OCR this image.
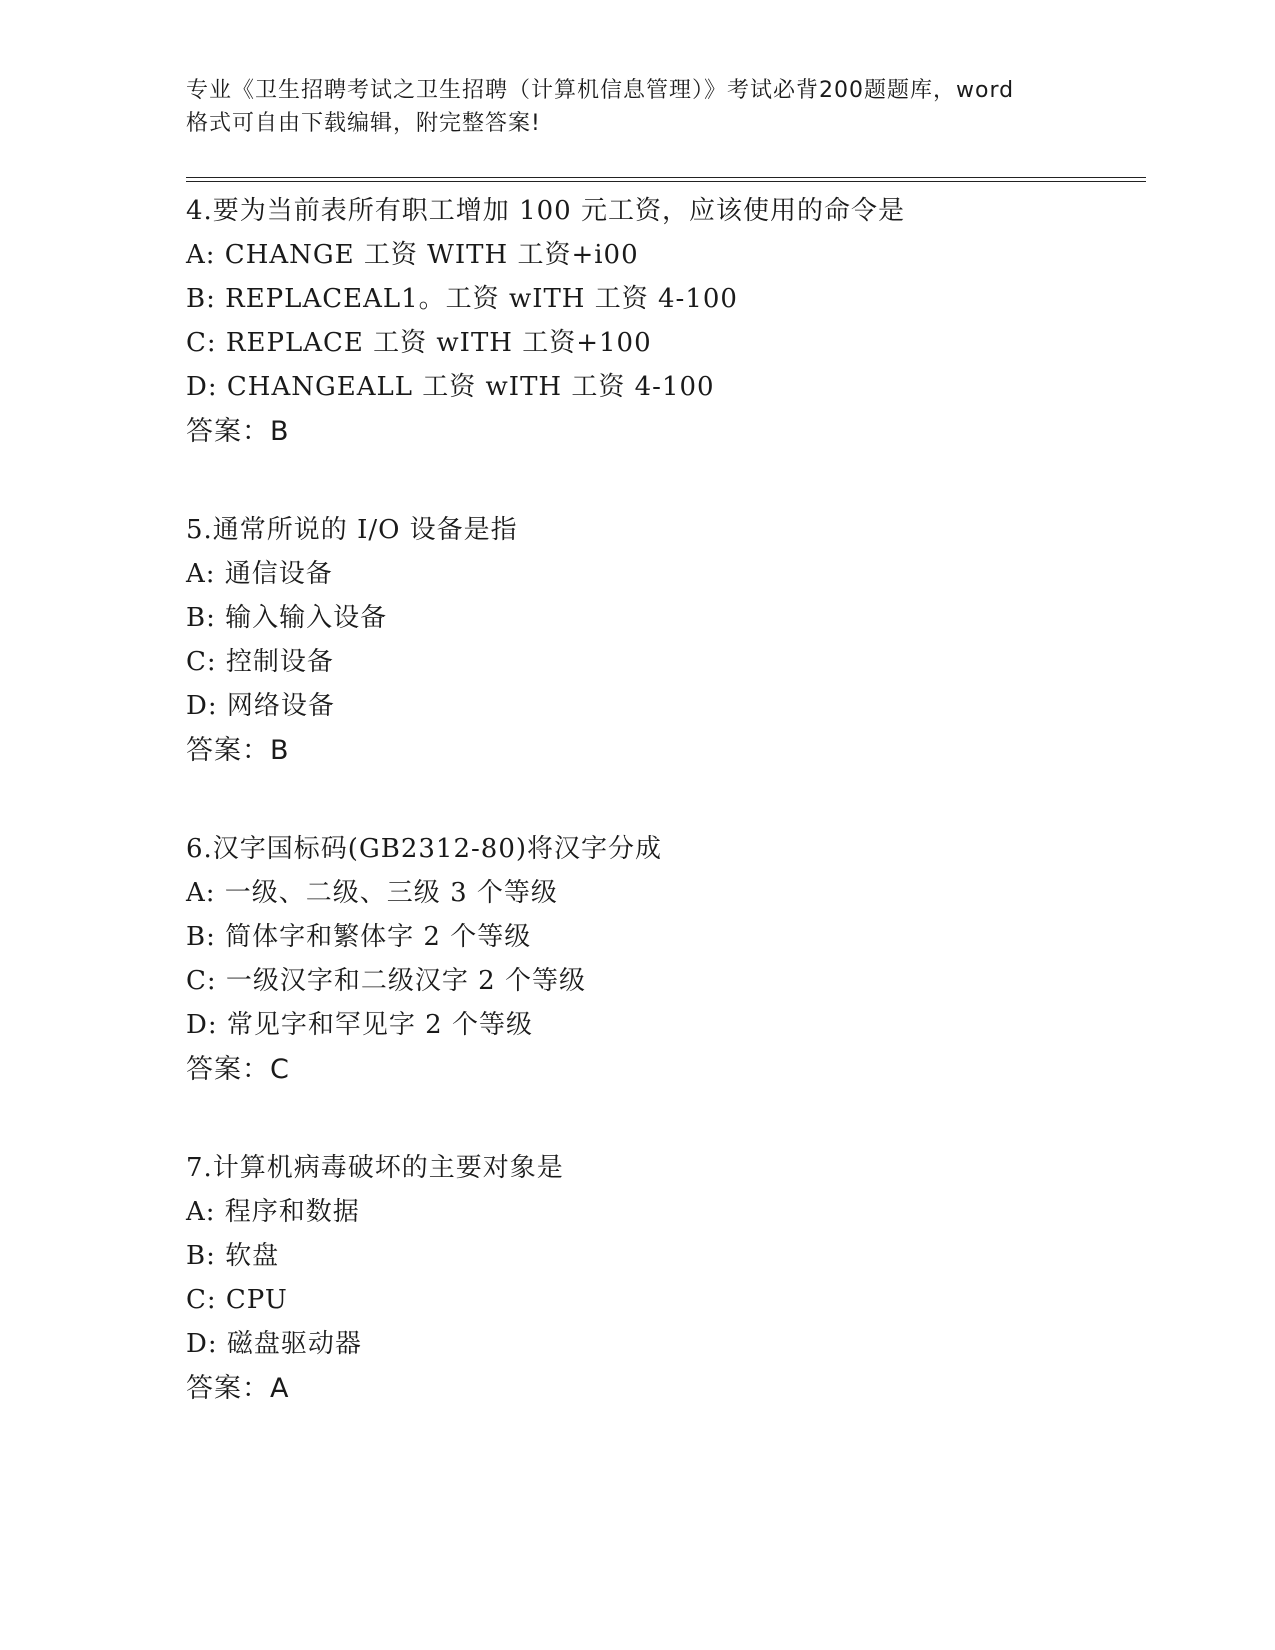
专业《卫生招聘考试之卫生招聘（计算机信息管理）》考试必背200题题库，word
格式可自由下载编辑，附完整答案!
4.要为当前表所有职工增加 100 元工资，应该使用的命令是
A: CHANGE 工资 WITH 工资+i00
B: REPLACEAL1。工资 wITH 工资 4-100
C: REPLACE 工资 wITH 工资+100
D: CHANGEALL 工资 wITH 工资 4-100
答案：B
5.通常所说的 I/O 设备是指
A: 通信设备
B: 输入输入设备
C: 控制设备
D: 网络设备
答案：B
6.汉字国标码(GB2312-80)将汉字分成
A: 一级、二级、三级 3 个等级
B: 简体字和繁体字 2 个等级
C: 一级汉字和二级汉字 2 个等级
D: 常见字和罕见字 2 个等级
答案：C
7.计算机病毒破坏的主要对象是
A: 程序和数据
B: 软盘
C: CPU
D: 磁盘驱动器
答案：A
